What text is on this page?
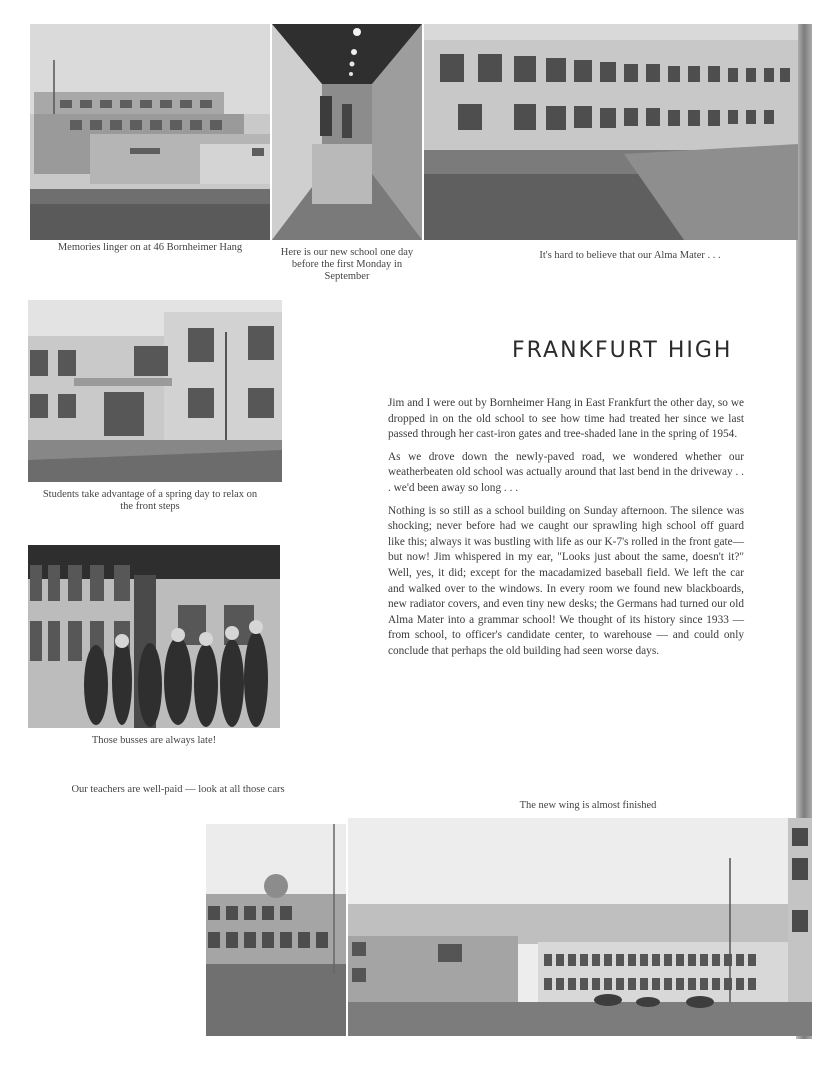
Memories linger on at 46 Bornheimer Hang	Here is our new school one day before the first Monday in September
It's hard to believe that our Alma Mater . . .
Students take advantage of a spring day to relax on the front steps
Those busses are always late!
Our teachers are well-paid — look at all those cars
The new wing is almost finished
FRANKFURT HIGH

Jim and I were out by Bornheimer Hang in East Frankfurt the other day, so we dropped in on the old school to see how time had treated her since we last passed through her cast-iron gates and tree-shaded lane in the spring of 1954.

As we drove down the newly-paved road, we wondered whether our weatherbeaten old school was actually around that last bend in the driveway . . . we'd been away so long . . .

Nothing is so still as a school building on Sunday afternoon. The silence was shocking; never before had we caught our sprawling high school off guard like this; always it was bustling with life as our K-7's rolled in the front gate—but now! Jim whispered in my ear, "Looks just about the same, doesn't it?" Well, yes, it did; except for the macadamized baseball field. We left the car and walked over to the windows. In every room we found new blackboards, new radiator covers, and even tiny new desks; the Germans had turned our old Alma Mater into a grammar school! We thought of its history since 1933 — from school, to officer's candidate center, to warehouse — and could only conclude that perhaps the old building had seen worse days.
